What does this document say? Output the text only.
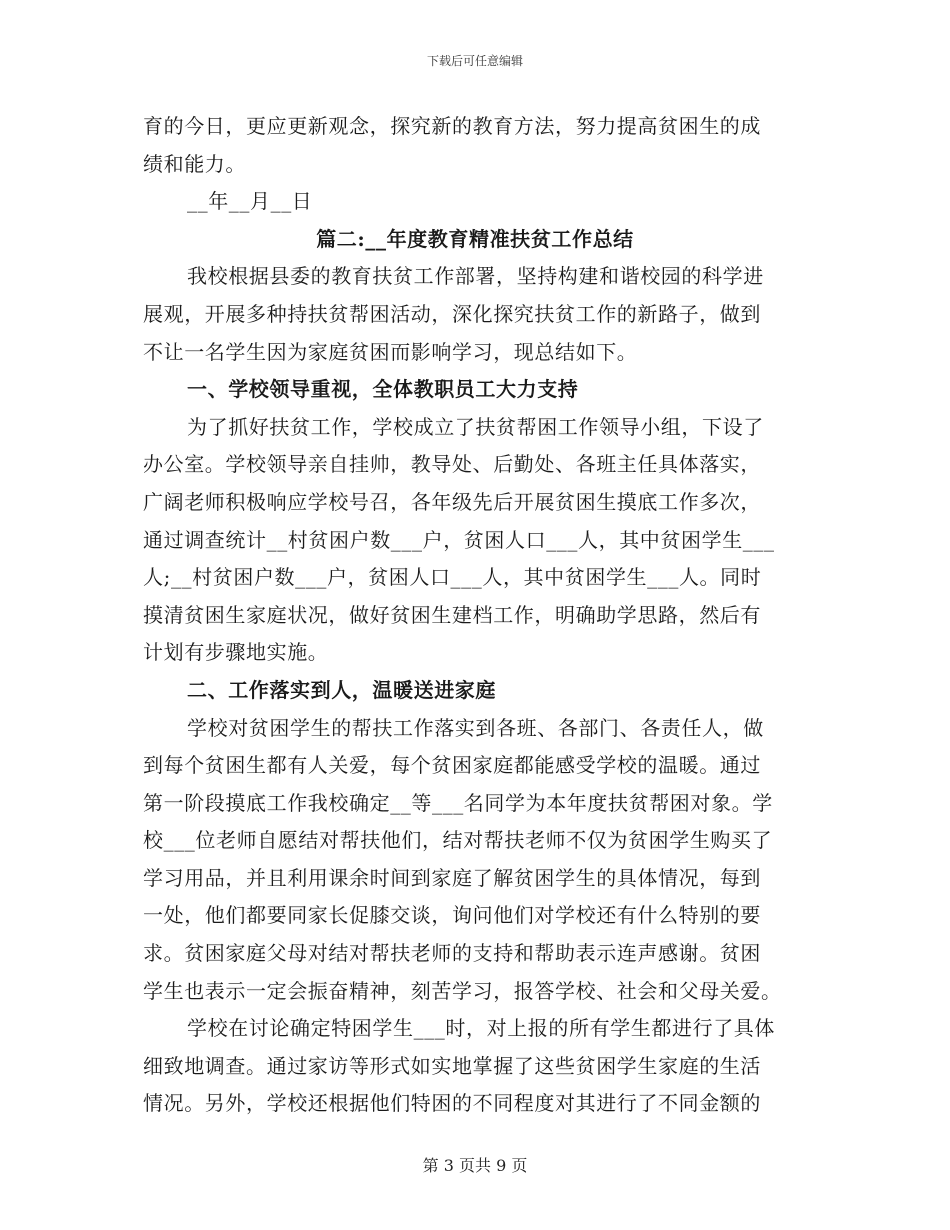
下载后可任意编辑
育的今日，更应更新观念，探究新的教育方法，努力提高贫困生的成
绩和能力。
__年__月__日
篇二:__年度教育精准扶贫工作总结
我校根据县委的教育扶贫工作部署，坚持构建和谐校园的科学进
展观，开展多种持扶贫帮困活动，深化探究扶贫工作的新路子，做到
不让一名学生因为家庭贫困而影响学习，现总结如下。
一、学校领导重视，全体教职员工大力支持
为了抓好扶贫工作，学校成立了扶贫帮困工作领导小组，下设了
办公室。学校领导亲自挂帅，教导处、后勤处、各班主任具体落实，
广阔老师积极响应学校号召，各年级先后开展贫困生摸底工作多次，
通过调查统计__村贫困户数___户，贫困人口___人，其中贫困学生___
人;__村贫困户数___户，贫困人口___人，其中贫困学生___人。同时
摸清贫困生家庭状况，做好贫困生建档工作，明确助学思路，然后有
计划有步骤地实施。
二、工作落实到人，温暖送进家庭
学校对贫困学生的帮扶工作落实到各班、各部门、各责任人，做
到每个贫困生都有人关爱，每个贫困家庭都能感受学校的温暖。通过
第一阶段摸底工作我校确定__等___名同学为本年度扶贫帮困对象。学
校___位老师自愿结对帮扶他们，结对帮扶老师不仅为贫困学生购买了
学习用品，并且利用课余时间到家庭了解贫困学生的具体情况，每到
一处，他们都要同家长促膝交谈，询问他们对学校还有什么特别的要
求。贫困家庭父母对结对帮扶老师的支持和帮助表示连声感谢。贫困
学生也表示一定会振奋精神，刻苦学习，报答学校、社会和父母关爱。
学校在讨论确定特困学生___时，对上报的所有学生都进行了具体
细致地调查。通过家访等形式如实地掌握了这些贫困学生家庭的生活
情况。另外，学校还根据他们特困的不同程度对其进行了不同金额的
第 3 页共 9 页
